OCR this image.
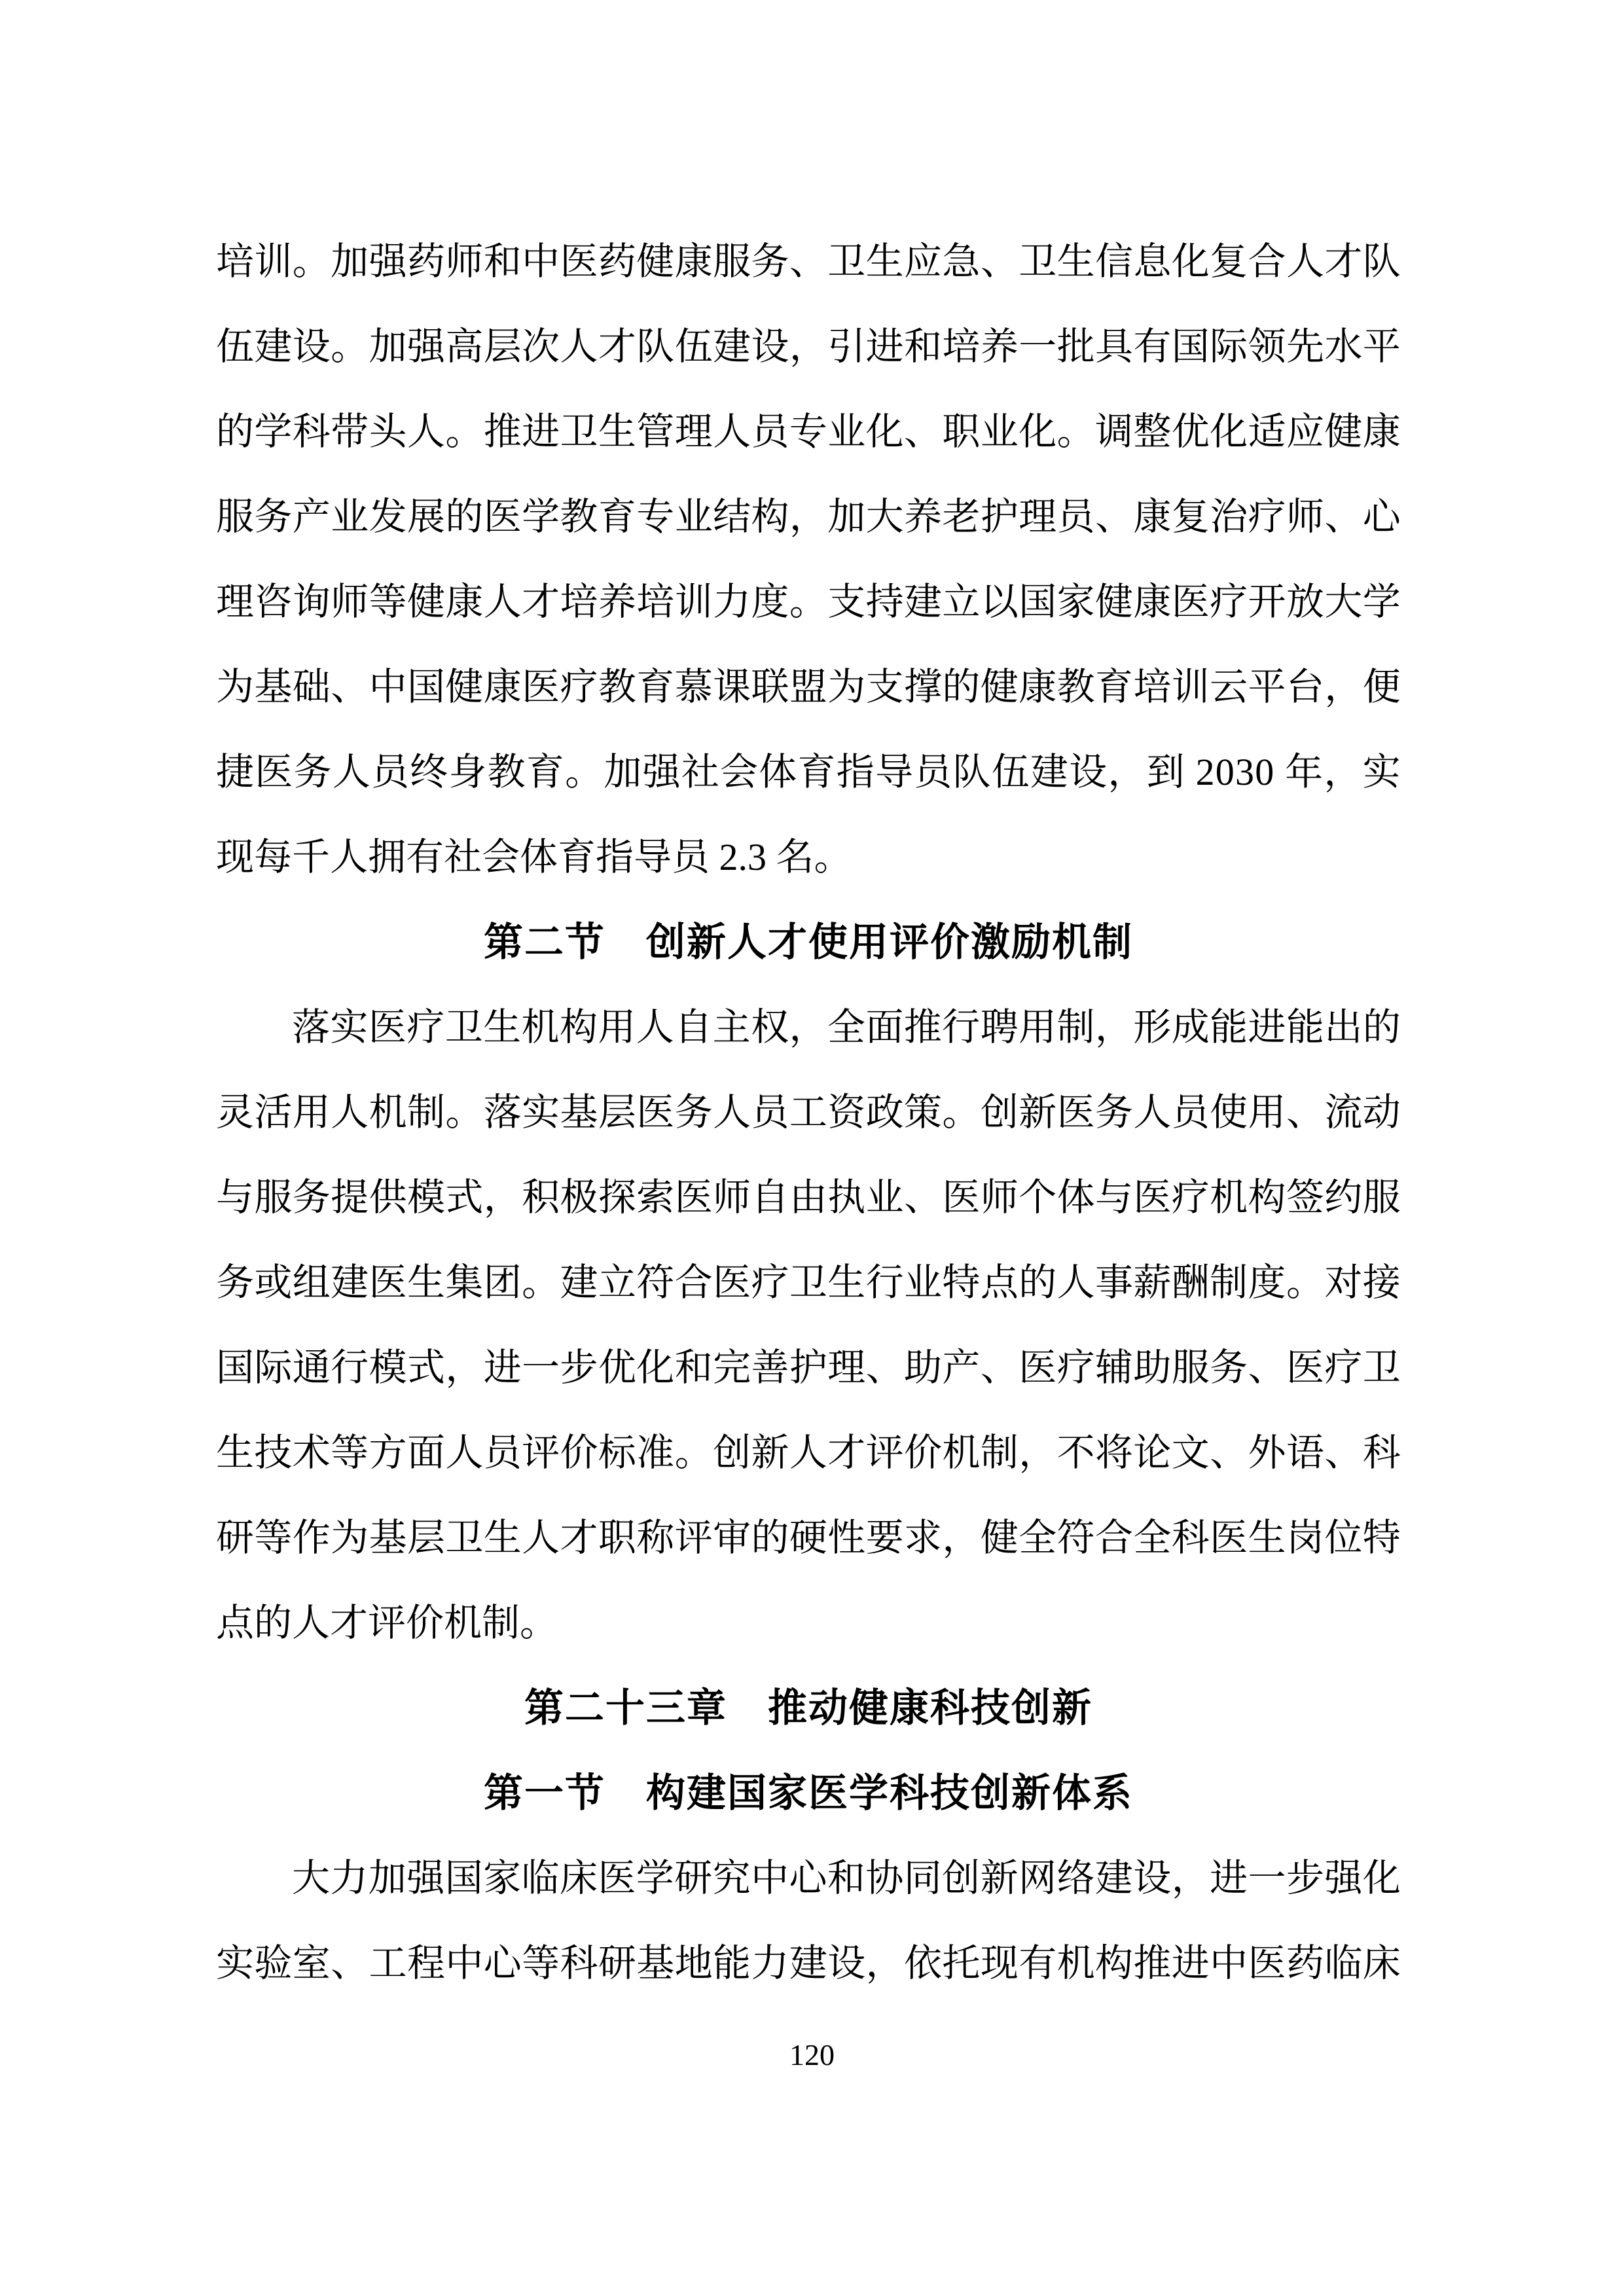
培 训 。 加 强 药 师 和 中 医 药 健 康 服 务 、 卫 生 应 急 、 卫 生 信 息 化 复 合 人 才 队
伍 建 设 。 加 强 高 层 次 人 才 队 伍 建 设 ， 引 进 和 培 养 一 批 具 有 国 际 领 先 水 平
的 学 科 带 头 人 。 推 进 卫 生 管 理 人 员 专 业 化 、 职 业 化 。 调 整 优 化 适 应 健 康
服 务 产 业 发 展 的 医 学 教 育 专 业 结 构 ， 加 大 养 老 护 理 员 、 康 复 治 疗 师 、 心
理 咨 询 师 等 健 康 人 才 培 养 培 训 力 度 。 支 持 建 立 以 国 家 健 康 医 疗 开 放 大 学
为 基 础 、 中 国 健 康 医 疗 教 育 慕 课 联 盟 为 支 撑 的 健 康 教 育 培 训 云 平 台 ， 便
捷 医 务 人 员 终 身 教 育 。 加 强 社 会 体 育 指 导 员 队 伍 建 设 ， 到
2 0 3 0
年 ， 实
现每千人拥有社会体育指导员 2.3 名。
第二节　创新人才使用评价激励机制
落 实 医 疗 卫 生 机 构 用 人 自 主 权 ， 全 面 推 行 聘 用 制 ， 形 成 能 进 能 出 的
灵 活 用 人 机 制 。 落 实 基 层 医 务 人 员 工 资 政 策 。 创 新 医 务 人 员 使 用 、 流 动
与 服 务 提 供 模 式 ， 积 极 探 索 医 师 自 由 执 业 、 医 师 个 体 与 医 疗 机 构 签 约 服
务 或 组 建 医 生 集 团 。 建 立 符 合 医 疗 卫 生 行 业 特 点 的 人 事 薪 酬 制 度 。 对 接
国 际 通 行 模 式 ， 进 一 步 优 化 和 完 善 护 理 、 助 产 、 医 疗 辅 助 服 务 、 医 疗 卫
生 技 术 等 方 面 人 员 评 价 标 准 。 创 新 人 才 评 价 机 制 ， 不 将 论 文 、 外 语 、 科
研 等 作 为 基 层 卫 生 人 才 职 称 评 审 的 硬 性 要 求 ， 健 全 符 合 全 科 医 生 岗 位 特
点的人才评价机制。
第二十三章　推动健康科技创新
第一节　构建国家医学科技创新体系
大 力 加 强 国 家 临 床 医 学 研 究 中 心 和 协 同 创 新 网 络 建 设 ， 进 一 步 强 化
实 验 室 、 工 程 中 心 等 科 研 基 地 能 力 建 设 ， 依 托 现 有 机 构 推 进 中 医 药 临 床
120
